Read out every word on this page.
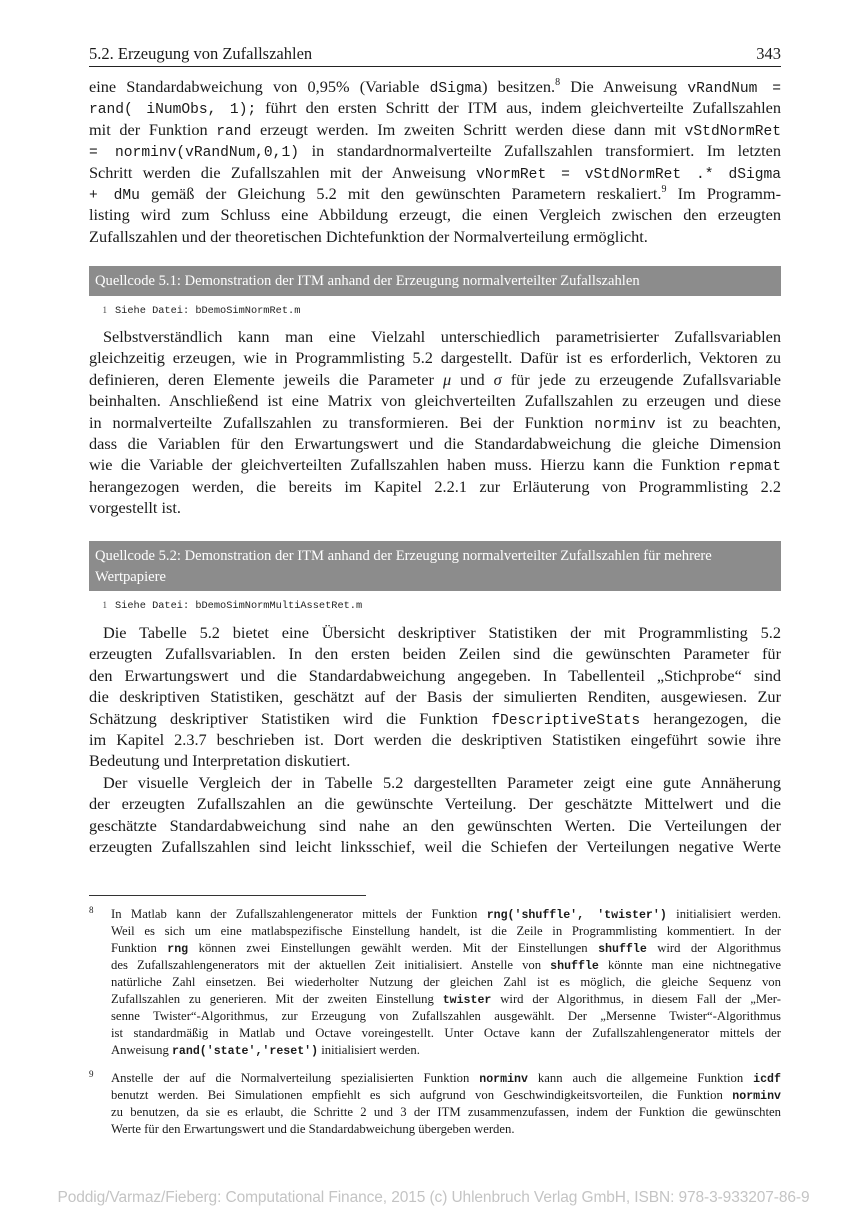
5.2. Erzeugung von Zufallszahlen	343
eine Standardabweichung von 0,95% (Variable dSigma) besitzen.$^8$ Die Anweisung vRandNum =
rand( iNumObs, 1); führt den ersten Schritt der ITM aus, indem gleichverteilte Zufallszahlen
mit der Funktion rand erzeugt werden. Im zweiten Schritt werden diese dann mit vStdNormRet
= norminv(vRandNum,0,1) in standardnormalverteilte Zufallszahlen transformiert. Im letzten
Schritt werden die Zufallszahlen mit der Anweisung vNormRet = vStdNormRet .* dSigma
+ dMu gemäß der Gleichung 5.2 mit den gewünschten Parametern reskaliert.$^9$ Im Programm-
listing wird zum Schluss eine Abbildung erzeugt, die einen Vergleich zwischen den erzeugten
Zufallszahlen und der theoretischen Dichtefunktion der Normalverteilung ermöglicht.
Quellcode 5.1: Demonstration der ITM anhand der Erzeugung normalverteilter Zufallszahlen
1 Siehe Datei: bDemoSimNormRet.m
Selbstverständlich kann man eine Vielzahl unterschiedlich parametrisierter Zufallsvariablen
gleichzeitig erzeugen, wie in Programmlisting 5.2 dargestellt. Dafür ist es erforderlich, Vektoren zu
definieren, deren Elemente jeweils die Parameter μ und σ für jede zu erzeugende Zufallsvariable
beinhalten. Anschließend ist eine Matrix von gleichverteilten Zufallszahlen zu erzeugen und diese
in normalverteilte Zufallszahlen zu transformieren. Bei der Funktion norminv ist zu beachten,
dass die Variablen für den Erwartungswert und die Standardabweichung die gleiche Dimension
wie die Variable der gleichverteilten Zufallszahlen haben muss. Hierzu kann die Funktion repmat
herangezogen werden, die bereits im Kapitel 2.2.1 zur Erläuterung von Programmlisting 2.2
vorgestellt ist.
Quellcode 5.2: Demonstration der ITM anhand der Erzeugung normalverteilter Zufallszahlen für mehrere Wertpapiere
1 Siehe Datei: bDemoSimNormMultiAssetRet.m
Die Tabelle 5.2 bietet eine Übersicht deskriptiver Statistiken der mit Programmlisting 5.2
erzeugten Zufallsvariablen. In den ersten beiden Zeilen sind die gewünschten Parameter für
den Erwartungswert und die Standardabweichung angegeben. In Tabellenteil „Stichprobe“ sind
die deskriptiven Statistiken, geschätzt auf der Basis der simulierten Renditen, ausgewiesen. Zur
Schätzung deskriptiver Statistiken wird die Funktion fDescriptiveStats herangezogen, die
im Kapitel 2.3.7 beschrieben ist. Dort werden die deskriptiven Statistiken eingeführt sowie ihre
Bedeutung und Interpretation diskutiert.
Der visuelle Vergleich der in Tabelle 5.2 dargestellten Parameter zeigt eine gute Annäherung
der erzeugten Zufallszahlen an die gewünschte Verteilung. Der geschätzte Mittelwert und die
geschätzte Standardabweichung sind nahe an den gewünschten Werten. Die Verteilungen der
erzeugten Zufallszahlen sind leicht linksschief, weil die Schiefen der Verteilungen negative Werte
8 In Matlab kann der Zufallszahlengenerator mittels der Funktion rng('shuffle', 'twister') initialisiert werden.
Weil es sich um eine matlabspezifische Einstellung handelt, ist die Zeile in Programmlisting kommentiert. In der
Funktion rng können zwei Einstellungen gewählt werden. Mit der Einstellungen shuffle wird der Algorithmus
des Zufallszahlengenerators mit der aktuellen Zeit initialisiert. Anstelle von shuffle könnte man eine nichtnegative
natürliche Zahl einsetzen. Bei wiederholter Nutzung der gleichen Zahl ist es möglich, die gleiche Sequenz von
Zufallszahlen zu generieren. Mit der zweiten Einstellung twister wird der Algorithmus, in diesem Fall der „Mer-
senne Twister“-Algorithmus, zur Erzeugung von Zufallszahlen ausgewählt. Der „Mersenne Twister“-Algorithmus
ist standardmäßig in Matlab und Octave voreingestellt. Unter Octave kann der Zufallszahlengenerator mittels der
Anweisung rand('state','reset') initialisiert werden.
9 Anstelle der auf die Normalverteilung spezialisierten Funktion norminv kann auch die allgemeine Funktion icdf
benutzt werden. Bei Simulationen empfiehlt es sich aufgrund von Geschwindigkeitsvorteilen, die Funktion norminv
zu benutzen, da sie es erlaubt, die Schritte 2 und 3 der ITM zusammenzufassen, indem der Funktion die gewünschten
Werte für den Erwartungswert und die Standardabweichung übergeben werden.
Poddig/Varmaz/Fieberg: Computational Finance, 2015 (c) Uhlenbruch Verlag GmbH, ISBN: 978-3-933207-86-9
